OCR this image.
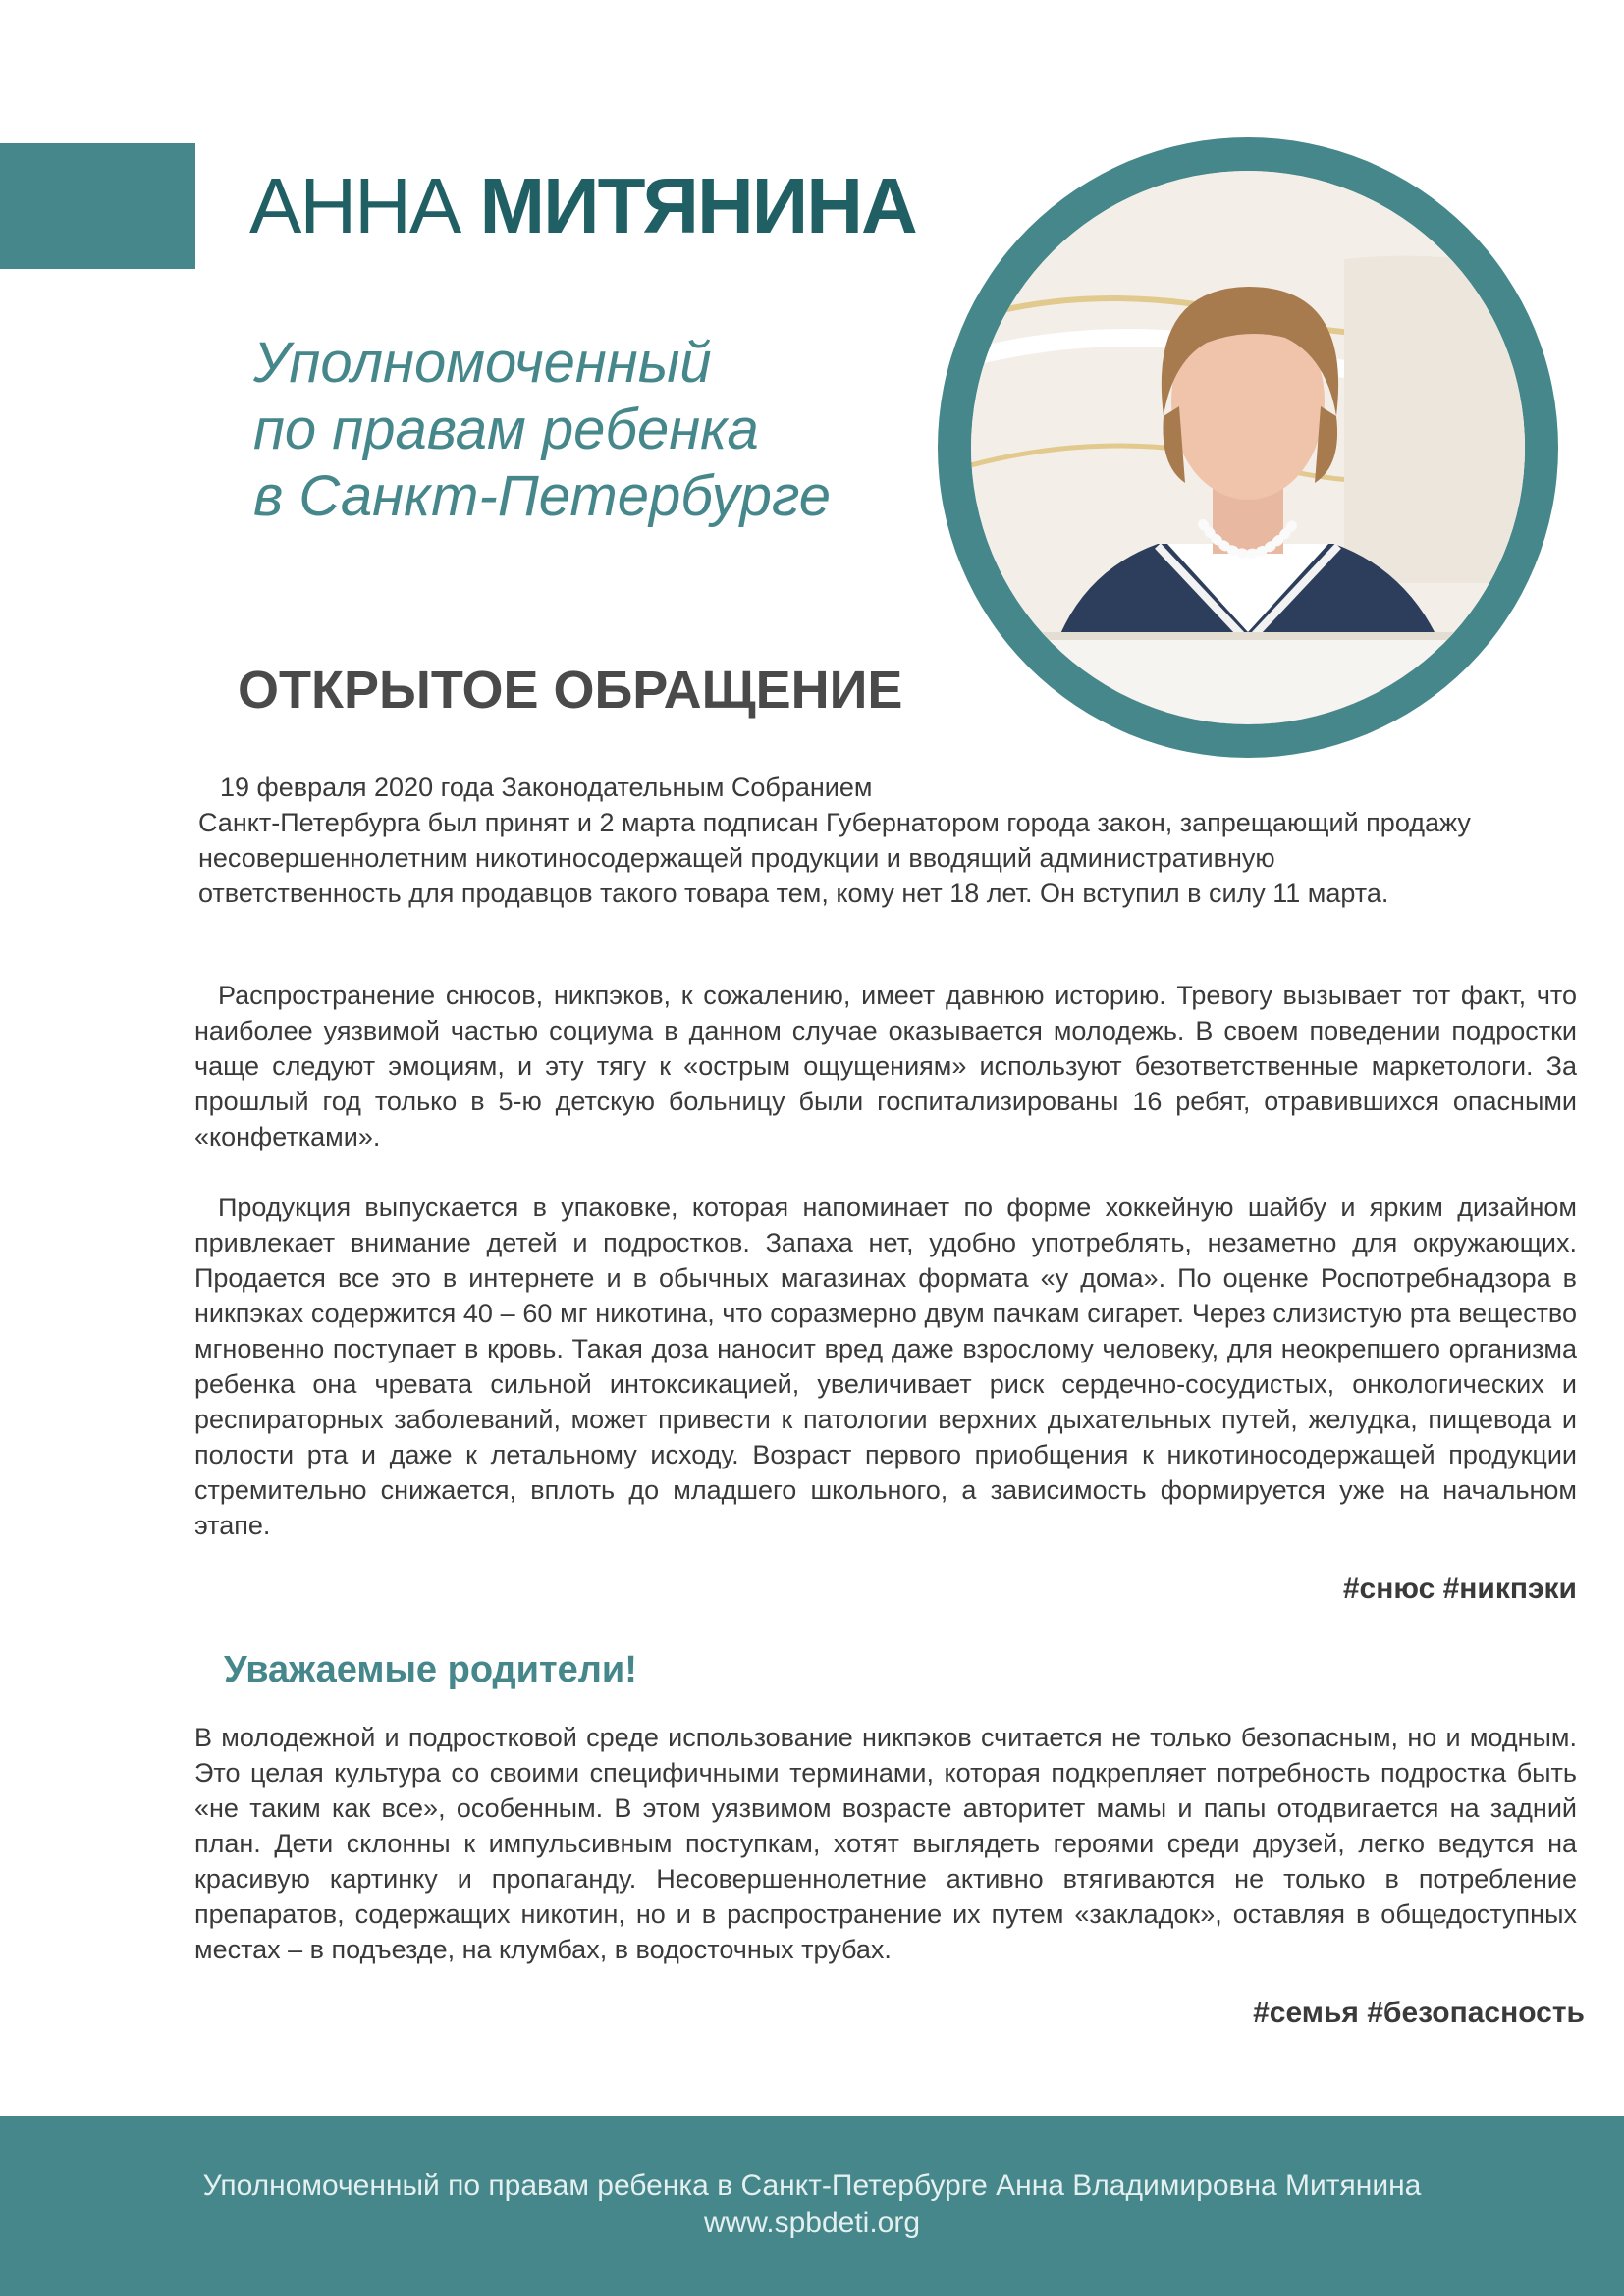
АННА МИТЯНИНА
Уполномоченный
по правам ребенка
в Санкт-Петербурге
ОТКРЫТОЕ ОБРАЩЕНИЕ
19 февраля 2020 года Законодательным Собранием
Санкт-Петербурга был принят и 2 марта подписан Губернатором города закон, запрещающий продажу
несовершеннолетним никотиносодержащей продукции и вводящий административную
ответственность для продавцов такого товара тем, кому нет 18 лет. Он вступил в силу 11 марта.
Распространение снюсов, никпэков, к сожалению, имеет давнюю историю. Тревогу вызывает тот факт, что наиболее уязвимой частью социума в данном случае оказывается молодежь. В своем поведении подростки чаще следуют эмоциям, и эту тягу к «острым ощущениям» используют безответственные маркетологи. За прошлый год только в 5-ю детскую больницу были госпитализированы 16 ребят, отравившихся опасными «конфетками».
Продукция выпускается в упаковке, которая напоминает по форме хоккейную шайбу и ярким дизайном привлекает внимание детей и подростков. Запаха нет, удобно употреблять, незаметно для окружающих. Продается все это в интернете и в обычных магазинах формата «у дома». По оценке Роспотребнадзора в никпэках содержится 40 – 60 мг никотина, что соразмерно двум пачкам сигарет. Через слизистую рта вещество мгновенно поступает в кровь. Такая доза наносит вред даже взрослому человеку, для неокрепшего организма ребенка она чревата сильной интоксикацией, увеличивает риск сердечно-сосудистых, онкологических и респираторных заболеваний, может привести к патологии верхних дыхательных путей, желудка, пищевода и полости рта и даже к летальному исходу. Возраст первого приобщения к никотиносодержащей продукции стремительно снижается, вплоть до младшего школьного, а зависимость формируется уже на начальном этапе.
#снюс #никпэки
Уважаемые родители!
В молодежной и подростковой среде использование никпэков считается не только безопасным, но и модным. Это целая культура со своими специфичными терминами, которая подкрепляет потребность подростка быть «не таким как все», особенным. В этом уязвимом возрасте авторитет мамы и папы отодвигается на задний план. Дети склонны к импульсивным поступкам, хотят выглядеть героями среди друзей, легко ведутся на красивую картинку и пропаганду. Несовершеннолетние активно втягиваются не только в потребление препаратов, содержащих никотин, но и в распространение их путем «закладок», оставляя в общедоступных местах – в подъезде, на клумбах, в водосточных трубах.
#семья #безопасность
Уполномоченный по правам ребенка в Санкт-Петербурге Анна Владимировна Митянина
www.spbdeti.org
